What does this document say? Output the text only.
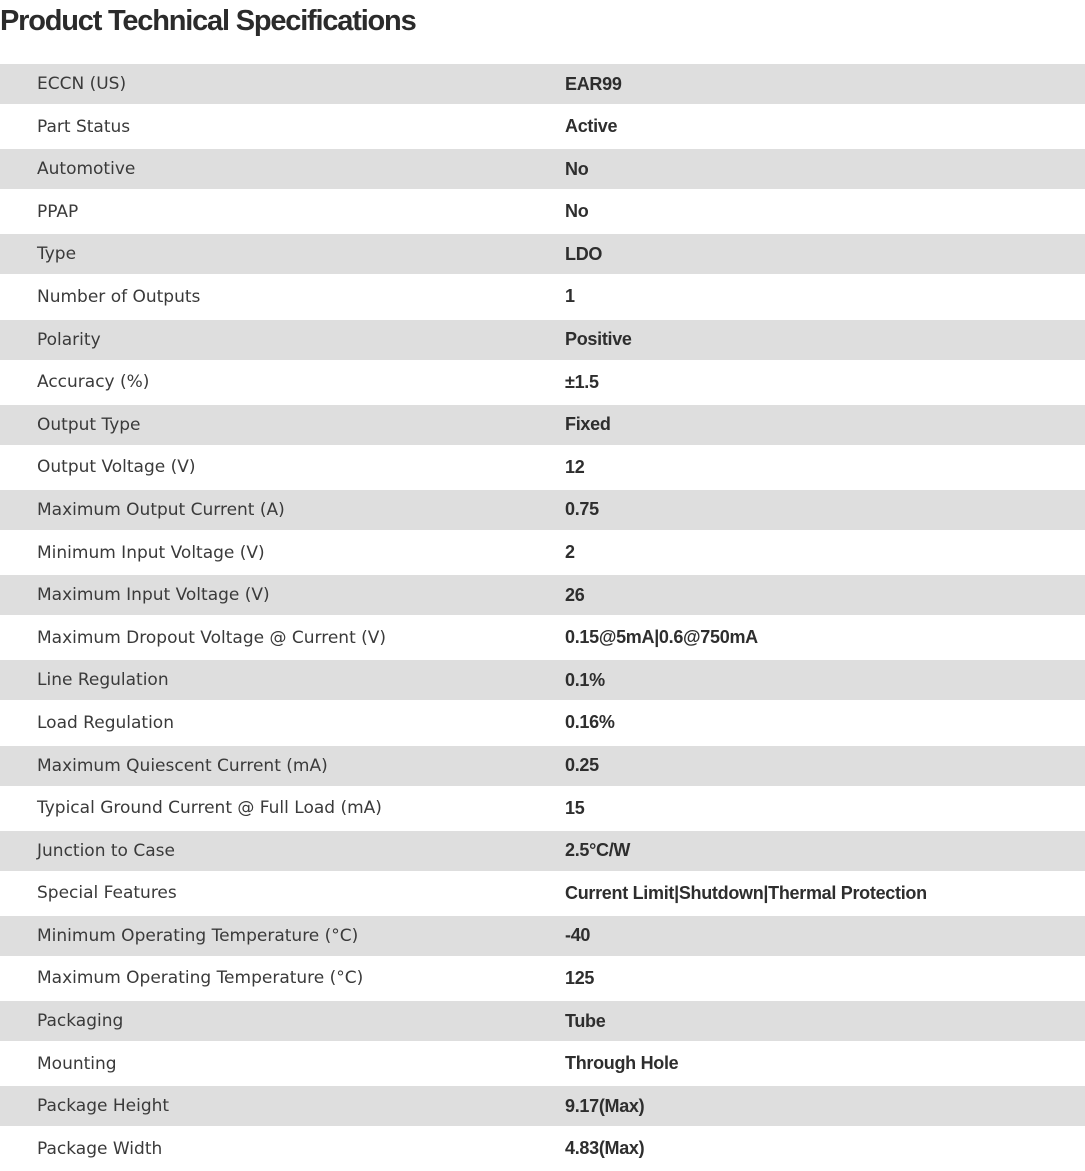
Product Technical Specifications
ECCN (US)	EAR99
Part Status	Active
Automotive	No
PPAP	No
Type	LDO
Number of Outputs	1
Polarity	Positive
Accuracy (%)	±1.5
Output Type	Fixed
Output Voltage (V)	12
Maximum Output Current (A)	0.75
Minimum Input Voltage (V)	2
Maximum Input Voltage (V)	26
Maximum Dropout Voltage @ Current (V)	0.15@5mA|0.6@750mA
Line Regulation	0.1%
Load Regulation	0.16%
Maximum Quiescent Current (mA)	0.25
Typical Ground Current @ Full Load (mA)	15
Junction to Case	2.5°C/W
Special Features	Current Limit|Shutdown|Thermal Protection
Minimum Operating Temperature (°C)	-40
Maximum Operating Temperature (°C)	125
Packaging	Tube
Mounting	Through Hole
Package Height	9.17(Max)
Package Width	4.83(Max)
